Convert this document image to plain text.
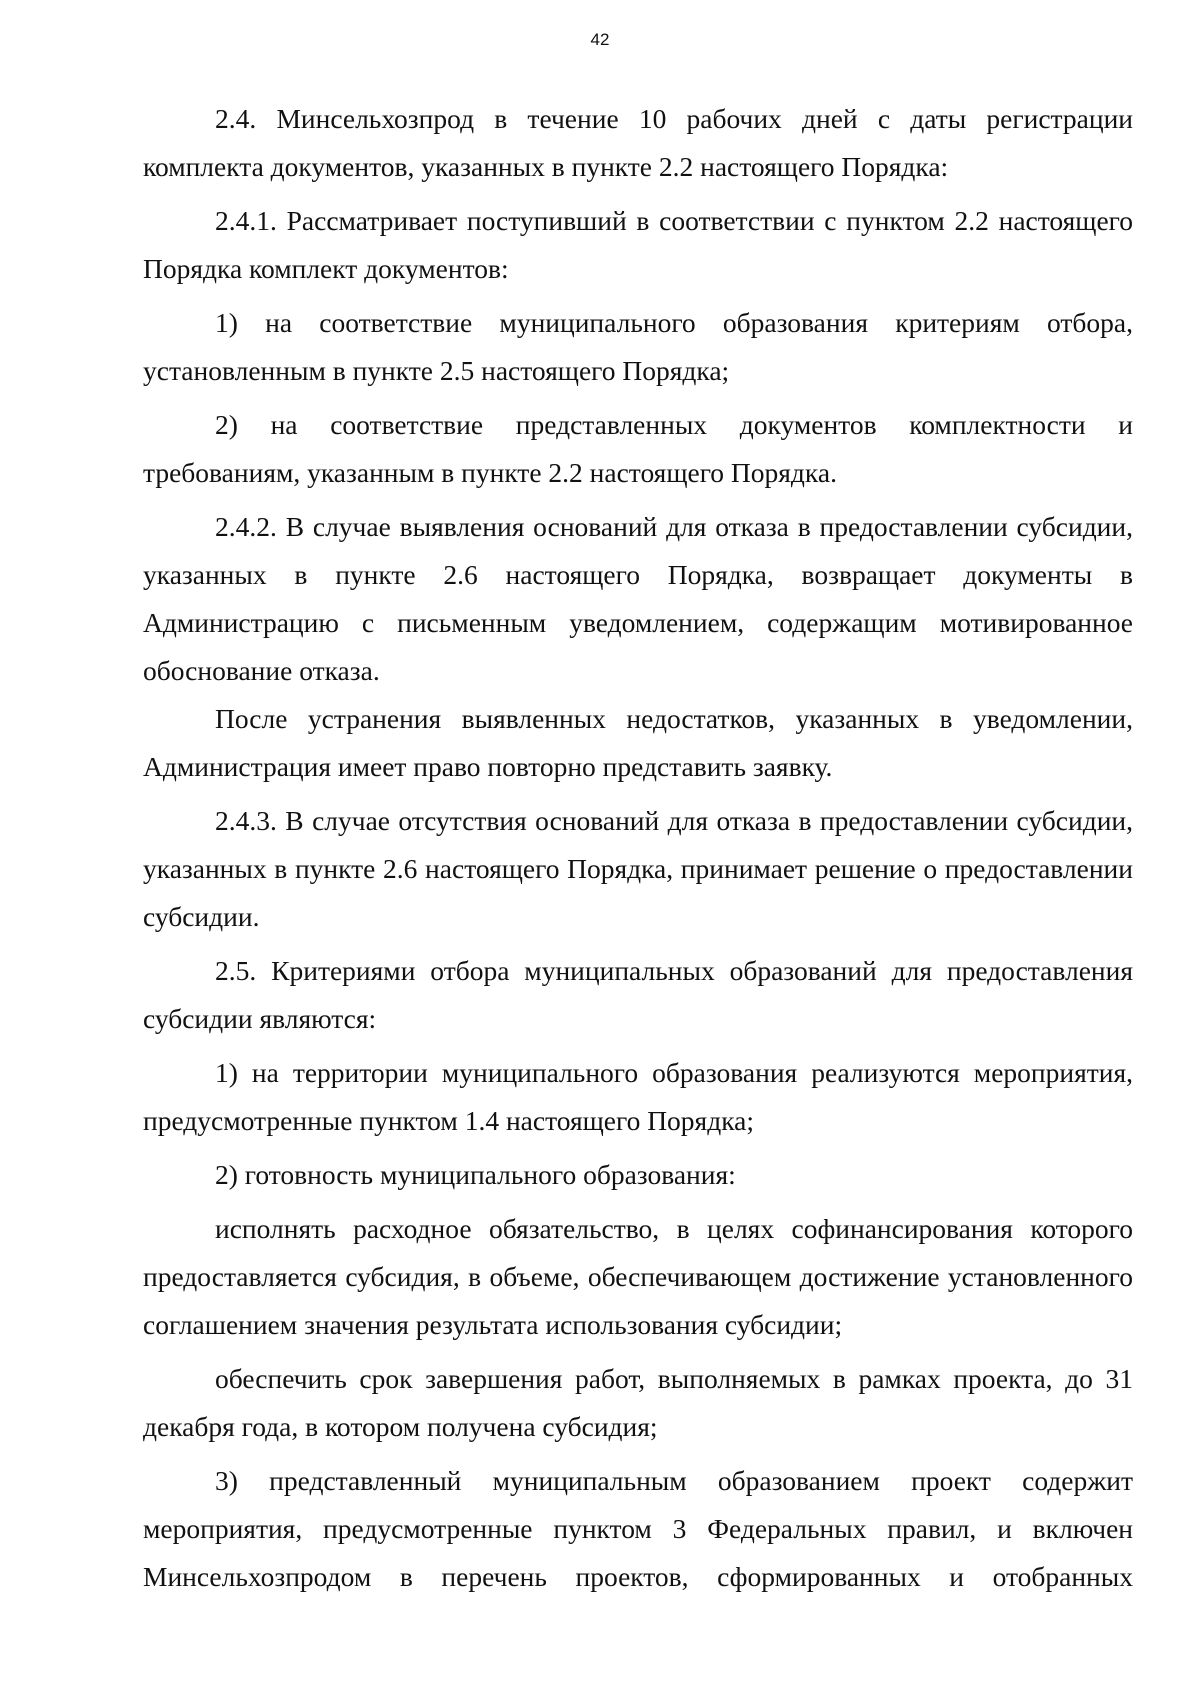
42

2.4. Минсельхозпрод в течение 10 рабочих дней с даты регистрации комплекта документов, указанных в пункте 2.2 настоящего Порядка:

2.4.1. Рассматривает поступивший в соответствии с пунктом 2.2 настоящего Порядка комплект документов:

1) на соответствие муниципального образования критериям отбора, установленным в пункте 2.5 настоящего Порядка;

2) на соответствие представленных документов комплектности и требованиям, указанным в пункте 2.2 настоящего Порядка.

2.4.2. В случае выявления оснований для отказа в предоставлении субсидии, указанных в пункте 2.6 настоящего Порядка, возвращает документы в Администрацию с письменным уведомлением, содержащим мотивированное обоснование отказа.

После устранения выявленных недостатков, указанных в уведомлении, Администрация имеет право повторно представить заявку.

2.4.3. В случае отсутствия оснований для отказа в предоставлении субсидии, указанных в пункте 2.6 настоящего Порядка, принимает решение о предоставлении субсидии.

2.5. Критериями отбора муниципальных образований для предоставления субсидии являются:

1) на территории муниципального образования реализуются мероприятия, предусмотренные пунктом 1.4 настоящего Порядка;

2) готовность муниципального образования:

исполнять расходное обязательство, в целях софинансирования которого предоставляется субсидия, в объеме, обеспечивающем достижение установленного соглашением значения результата использования субсидии;

обеспечить срок завершения работ, выполняемых в рамках проекта, до 31 декабря года, в котором получена субсидия;

3) представленный муниципальным образованием проект содержит мероприятия, предусмотренные пунктом 3 Федеральных правил, и включен Минсельхозпродом в перечень проектов, сформированных и отобранных
